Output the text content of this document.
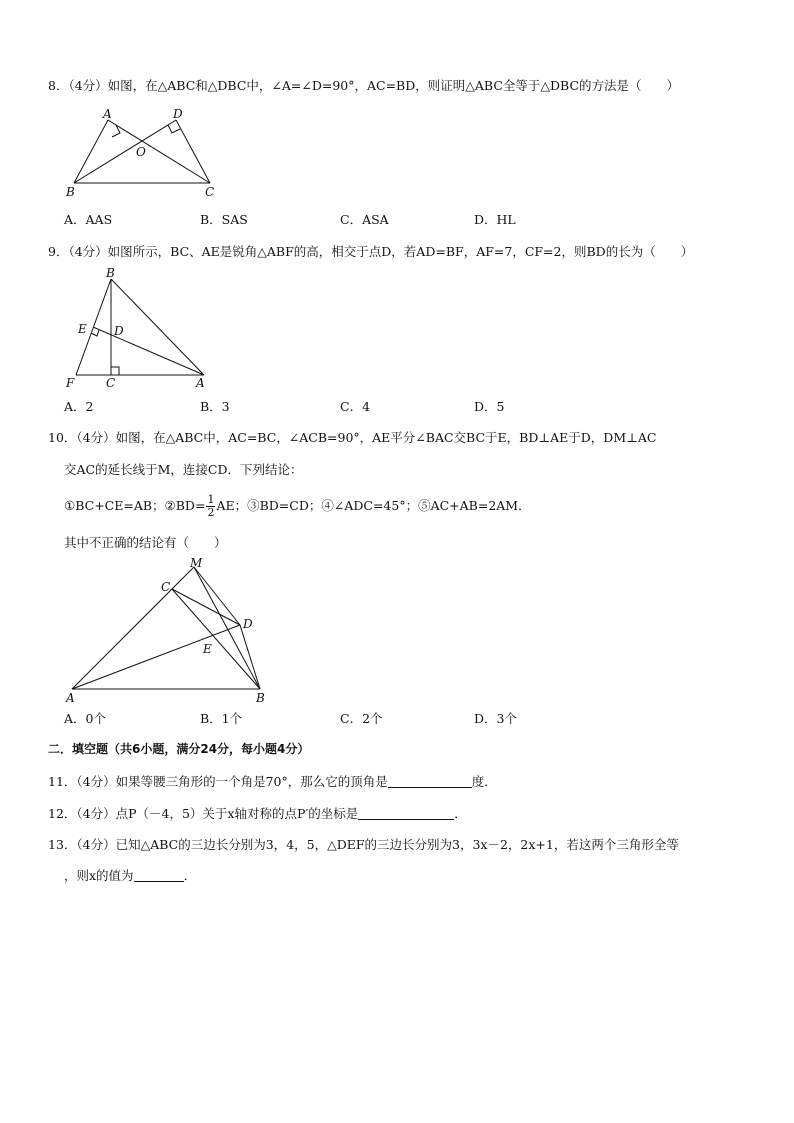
8．（4分）如图，在△ABC和△DBC中，∠A=∠D=90°，AC=BD，则证明△ABC全等于△DBC的方法是（　　）
A	D
O
B	C
A．AAS	B．SAS	C．ASA	D．HL
9．（4分）如图所示，BC、AE是锐角△ABF的高，相交于点D，若AD=BF，AF=7，CF=2，则BD的长为（　　）
B
E D
F	C	A
A．2	B．3	C．4	D．5
10．（4分）如图，在△ABC中，AC=BC，∠ACB=90°，AE平分∠BAC交BC于E，BD⊥AE于D，DM⊥AC
交AC的延长线于M，连接CD．下列结论：
①BC+CE=AB；②BD= $\frac{1}{2}$ AE；③BD=CD；④∠ADC=45°；⑤AC+AB=2AM．
其中不正确的结论有（　　）
M
C
D
E
A	B
A．0个	B．1个	C．2个	D．3个
二．填空题（共6小题，满分24分，每小题4分）
11．（4分）如果等腰三角形的一个角是70°，那么它的顶角是	度．
12．（4分）点P（－4，5）关于x轴对称的点P′的坐标是	．
13．（4分）已知△ABC的三边长分别为3，4，5，△DEF的三边长分别为3，3x－2，2x+1，若这两个三角形全等
，则x的值为	．
